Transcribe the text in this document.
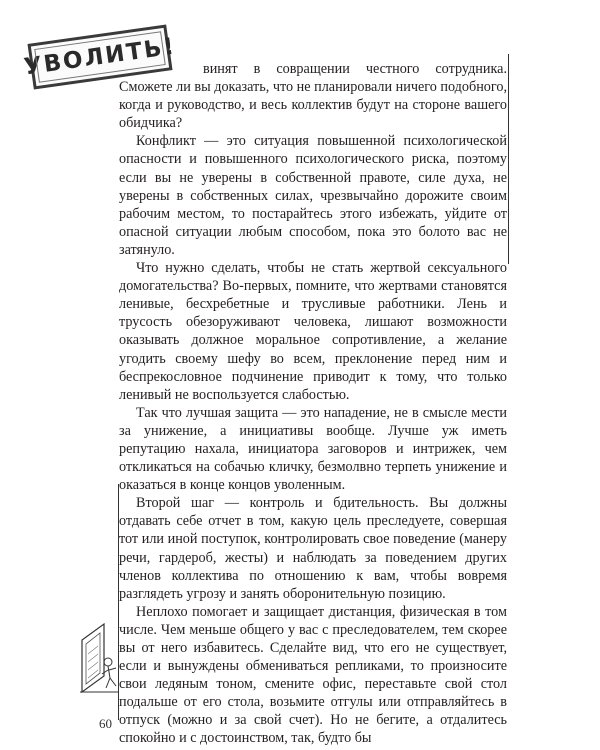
УВОЛИТЬ!	винят в совращении честного сотрудника. Сможете ли вы доказать, что не планировали ничего подобного, когда и руководство, и весь коллектив будут на стороне вашего обидчика?

Конфликт — это ситуация повышенной психологической опасности и повышенного психологического риска, поэтому если вы не уверены в собственной правоте, силе духа, не уверены в собственных силах, чрезвычайно дорожите своим рабочим местом, то постарайтесь этого избежать, уйдите от опасной ситуации любым способом, пока это болото вас не затянуло.

Что нужно сделать, чтобы не стать жертвой сексуального домогательства? Во-первых, помните, что жертвами становятся ленивые, бесхребетные и трусливые работники. Лень и трусость обезоруживают человека, лишают возможности оказывать должное моральное сопротивление, а желание угодить своему шефу во всем, преклонение перед ним и беспрекословное подчинение приводит к тому, что только ленивый не воспользуется слабостью.

Так что лучшая защита — это нападение, не в смысле мести за унижение, а инициативы вообще. Лучше уж иметь репутацию нахала, инициатора заговоров и интрижек, чем откликаться на собачью кличку, безмолвно терпеть унижение и оказаться в конце концов уволенным.

Второй шаг — контроль и бдительность. Вы должны отдавать себе отчет в том, какую цель преследуете, совершая тот или иной поступок, контролировать свое поведение (манеру речи, гардероб, жесты) и наблюдать за поведением других членов коллектива по отношению к вам, чтобы вовремя разглядеть угрозу и занять оборонительную позицию.

Неплохо помогает и защищает дистанция, физическая в том числе. Чем меньше общего у вас с преследователем, тем скорее вы от него избавитесь. Сделайте вид, что его не существует, если и вынуждены обмениваться репликами, то произносите свои ледяным тоном, смените офис, переставьте свой стол подальше от его стола, возьмите отгулы или отправляйтесь в отпуск (можно и за свой счет). Но не бегите, а отдалитесь спокойно и с достоинством, так, будто бы

60
